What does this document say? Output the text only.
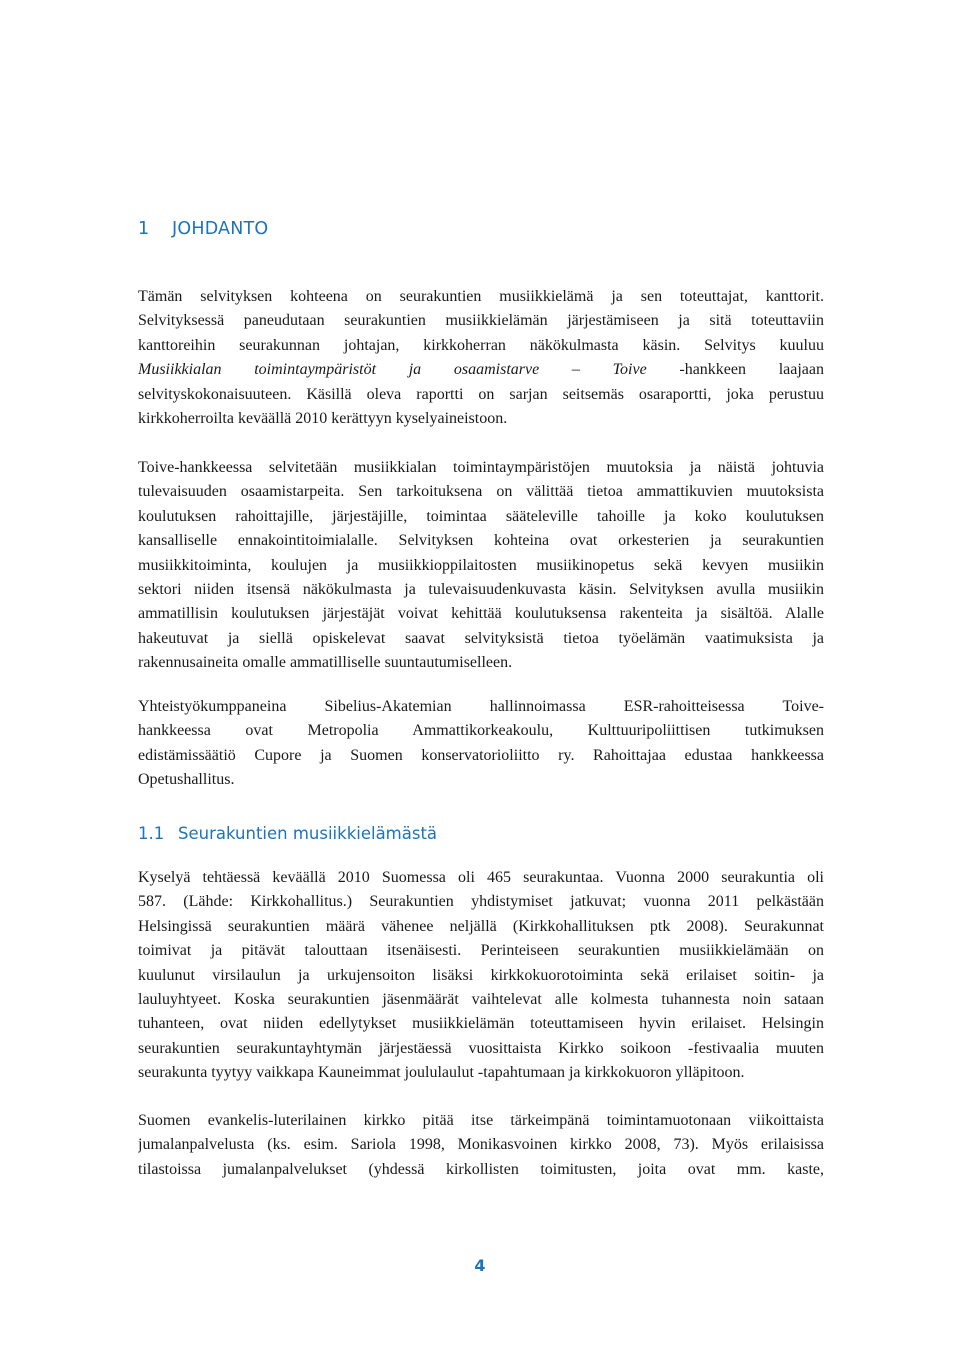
1 JOHDANTO
Tämän selvityksen kohteena on seurakuntien musiikkielämä ja sen toteuttajat, kanttorit.
Selvityksessä paneudutaan seurakuntien musiikkielämän järjestämiseen ja sitä toteuttaviin
kanttoreihin seurakunnan johtajan, kirkkoherran näkökulmasta käsin. Selvitys kuuluu
Musiikkialan toimintaympäristöt ja osaamistarve – Toive -hankkeen laajaan
selvityskokonaisuuteen. Käsillä oleva raportti on sarjan seitsemäs osaraportti, joka perustuu
kirkkoherroilta keväällä 2010 kerättyyn kyselyaineistoon.
Toive-hankkeessa selvitetään musiikkialan toimintaympäristöjen muutoksia ja näistä johtuvia
tulevaisuuden osaamistarpeita. Sen tarkoituksena on välittää tietoa ammattikuvien muutoksista
koulutuksen rahoittajille, järjestäjille, toimintaa sääteleville tahoille ja koko koulutuksen
kansalliselle ennakointitoimialalle. Selvityksen kohteina ovat orkesterien ja seurakuntien
musiikkitoiminta, koulujen ja musiikkioppilaitosten musiikinopetus sekä kevyen musiikin
sektori niiden itsensä näkökulmasta ja tulevaisuudenkuvasta käsin. Selvityksen avulla musiikin
ammatillisin koulutuksen järjestäjät voivat kehittää koulutuksensa rakenteita ja sisältöä. Alalle
hakeutuvat ja siellä opiskelevat saavat selvityksistä tietoa työelämän vaatimuksista ja
rakennusaineita omalle ammatilliselle suuntautumiselleen.
Yhteistyökumppaneina Sibelius-Akatemian hallinnoimassa ESR-rahoitteisessa Toive-
hankkeessa ovat Metropolia Ammattikorkeakoulu, Kulttuuripoliittisen tutkimuksen
edistämissäätiö Cupore ja Suomen konservatorioliitto ry. Rahoittajaa edustaa hankkeessa
Opetushallitus.
1.1 Seurakuntien musiikkielämästä
Kyselyä tehtäessä keväällä 2010 Suomessa oli 465 seurakuntaa. Vuonna 2000 seurakuntia oli
587. (Lähde: Kirkkohallitus.) Seurakuntien yhdistymiset jatkuvat; vuonna 2011 pelkästään
Helsingissä seurakuntien määrä vähenee neljällä (Kirkkohallituksen ptk 2008). Seurakunnat
toimivat ja pitävät talouttaan itsenäisesti. Perinteiseen seurakuntien musiikkielämään on
kuulunut virsilaulun ja urkujensoiton lisäksi kirkkokuorotoiminta sekä erilaiset soitin- ja
lauluyhtyeet. Koska seurakuntien jäsenmäärät vaihtelevat alle kolmesta tuhannesta noin sataan
tuhanteen, ovat niiden edellytykset musiikkielämän toteuttamiseen hyvin erilaiset. Helsingin
seurakuntien seurakuntayhtymän järjestäessä vuosittaista Kirkko soikoon -festivaalia muuten
seurakunta tyytyy vaikkapa Kauneimmat joululaulut -tapahtumaan ja kirkkokuoron ylläpitoon.
Suomen evankelis-luterilainen kirkko pitää itse tärkeimpänä toimintamuotonaan viikoittaista
jumalanpalvelusta (ks. esim. Sariola 1998, Monikasvoinen kirkko 2008, 73). Myös erilaisissa
tilastoissa jumalanpalvelukset (yhdessä kirkollisten toimitusten, joita ovat mm. kaste,
4
